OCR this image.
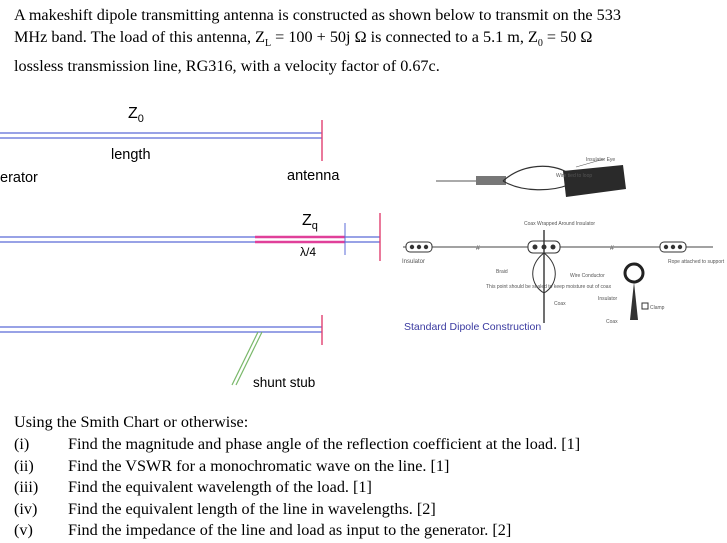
A makeshift dipole transmitting antenna is constructed as shown below to transmit on the 533
MHz band. The load of this antenna, $Z_L = 100 + 50j$ Ω is connected to a 5.1 m, $Z_0 = 50$ Ω
lossless transmission line, RG316, with a velocity factor of 0.67c.
$Z_0$
length
erator	antenna
$Z_q$
λ/4
shunt stub
Insulator Eye
Wire tied to loop
Insulator
#
Coax Wrapped Around Insulator
Braid
This point should be sealed to keep moisture out of coax
Wire Conductor
Coax
#
Clamp
Insulator
Coax
Rope attached to support
Standard Dipole Construction
Using the Smith Chart or otherwise:
(i)	Find the magnitude and phase angle of the reflection coefficient at the load. [1]
(ii)	Find the VSWR for a monochromatic wave on the line. [1]
(iii)	Find the equivalent wavelength of the load. [1]
(iv)	Find the equivalent length of the line in wavelengths. [2]
(v)	Find the impedance of the line and load as input to the generator. [2]
